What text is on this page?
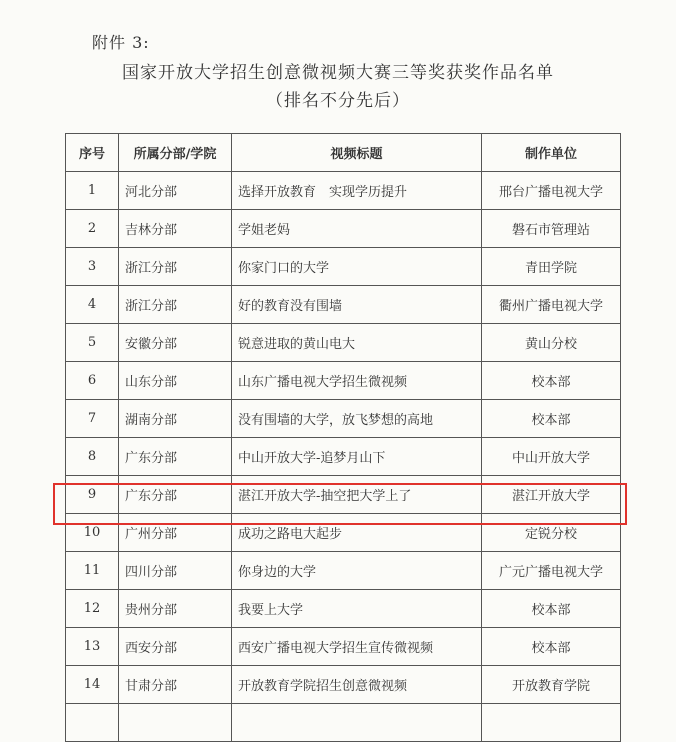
附件 3:
国家开放大学招生创意微视频大赛三等奖获奖作品名单
（排名不分先后）
序号	所属分部/学院	视频标题	制作单位
1	河北分部	选择开放教育　实现学历提升	邢台广播电视大学
2	吉林分部	学姐老妈	磐石市管理站
3	浙江分部	你家门口的大学	青田学院
4	浙江分部	好的教育没有围墙	衢州广播电视大学
5	安徽分部	锐意进取的黄山电大	黄山分校
6	山东分部	山东广播电视大学招生微视频	校本部
7	湖南分部	没有围墙的大学，放飞梦想的高地	校本部
8	广东分部	中山开放大学-追梦月山下	中山开放大学
9	广东分部	湛江开放大学-抽空把大学上了	湛江开放大学
10	广州分部	成功之路电大起步	定锐分校
11	四川分部	你身边的大学	广元广播电视大学
12	贵州分部	我要上大学	校本部
13	西安分部	西安广播电视大学招生宣传微视频	校本部
14	甘肃分部	开放教育学院招生创意微视频	开放教育学院
